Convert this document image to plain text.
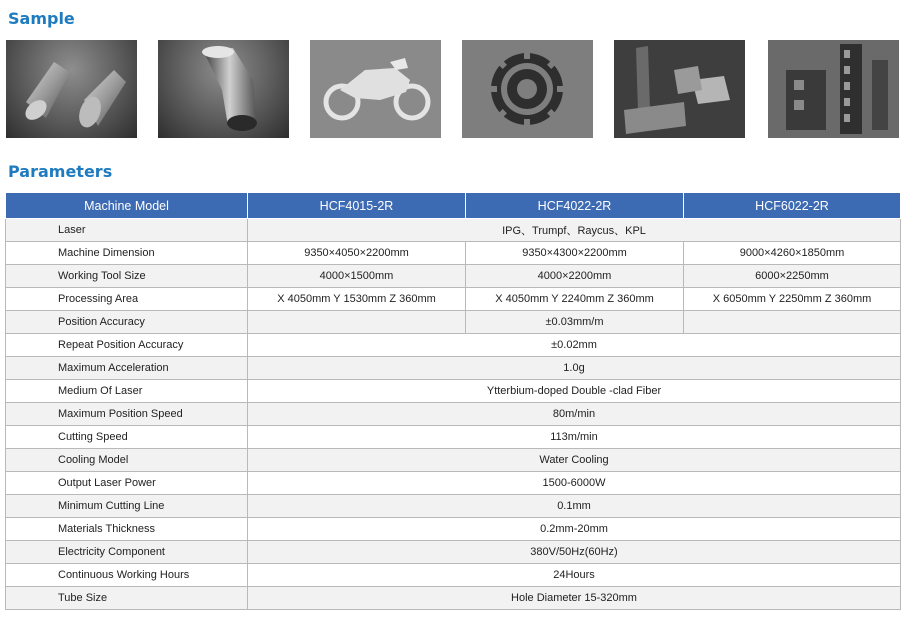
Sample
Parameters
Machine Model	HCF4015-2R	HCF4022-2R	HCF6022-2R
Laser	IPG、Trumpf、Raycus、KPL		
Machine Dimension	9350×4050×2200mm	9350×4300×2200mm	9000×4260×1850mm
Working Tool Size	4000×1500mm	4000×2200mm	6000×2250mm
Processing Area	X 4050mm Y 1530mm Z 360mm	X 4050mm Y 2240mm Z 360mm	X 6050mm Y 2250mm Z 360mm
Position Accuracy		±0.03mm/m	
Repeat Position Accuracy	±0.02mm		
Maximum Acceleration	1.0g		
Medium Of Laser	Ytterbium-doped Double -clad Fiber		
Maximum Position Speed	80m/min		
Cutting Speed	113m/min		
Cooling Model	Water Cooling		
Output Laser Power	1500-6000W		
Minimum Cutting Line	0.1mm		
Materials Thickness	0.2mm-20mm		
Electricity Component	380V/50Hz(60Hz)		
Continuous Working Hours	24Hours		
Tube Size	Hole Diameter 15-320mm		
